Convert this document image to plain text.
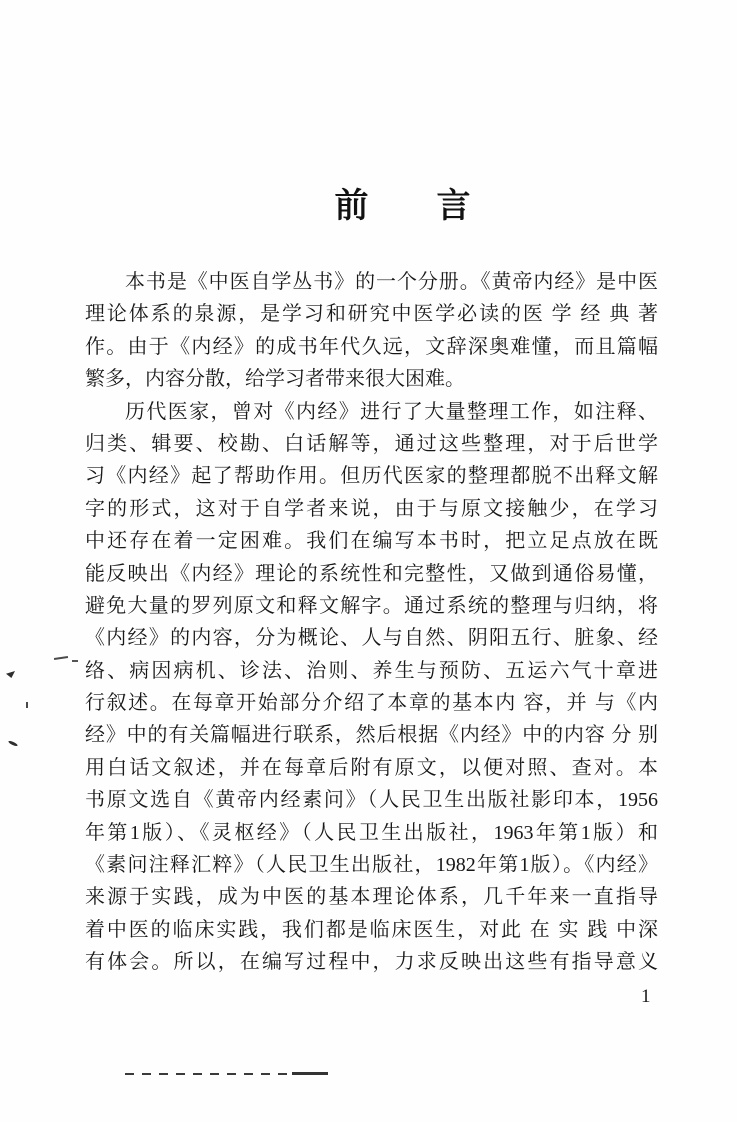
前　　言
本书是《中医自学丛书》的一个分册。《黄帝内经》是中医
理论体系的泉源，是学习和研究中医学必读的医 学 经 典 著
作。由于《内经》的成书年代久远，文辞深奥难懂，而且篇幅
繁多，内容分散，给学习者带来很大困难。
历代医家，曾对《内经》进行了大量整理工作，如注释、
归类、辑要、校勘、白话解等，通过这些整理，对于后世学
习《内经》起了帮助作用。但历代医家的整理都脱不出释文解
字的形式，这对于自学者来说，由于与原文接触少，在学习
中还存在着一定困难。我们在编写本书时，把立足点放在既
能反映出《内经》理论的系统性和完整性，又做到通俗易懂，
避免大量的罗列原文和释文解字。通过系统的整理与归纳，将
《内经》的内容，分为概论、人与自然、阴阳五行、脏象、经
络、病因病机、诊法、治则、养生与预防、五运六气十章进
行叙述。在每章开始部分介绍了本章的基本内 容，并 与《内
经》中的有关篇幅进行联系，然后根据《内经》中的内容 分 别
用白话文叙述，并在每章后附有原文，以便对照、查对。本
书原文选自《黄帝内经素问》（人民卫生出版社影印本，1956
年第1版）、《灵枢经》（人民卫生出版社，1963年第1版）和
《素问注释汇粹》（人民卫生出版社，1982年第1版）。《内经》
来源于实践，成为中医的基本理论体系，几千年来一直指导
着中医的临床实践，我们都是临床医生，对此 在 实 践 中深
有体会。所以，在编写过程中，力求反映出这些有指导意义
1
